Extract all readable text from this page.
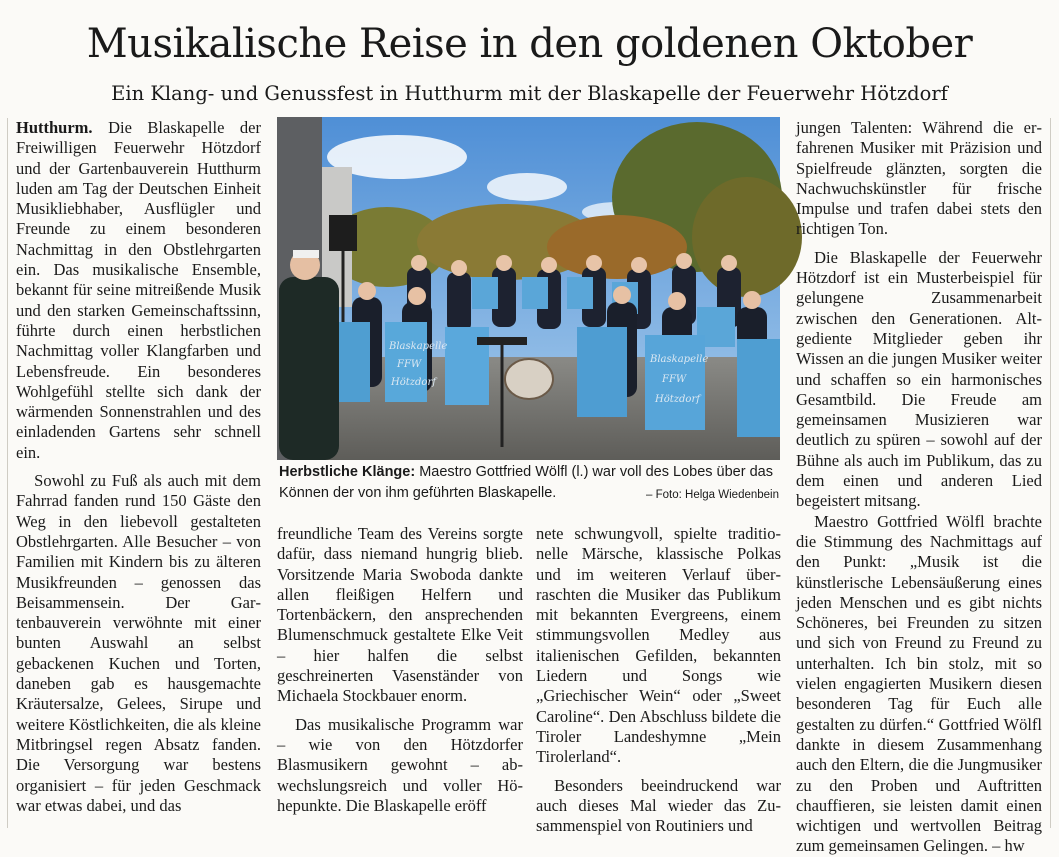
Musikalische Reise in den goldenen Oktober
Ein Klang- und Genussfest in Hutthurm mit der Blaskapelle der Feuerwehr Hötzdorf

Hutthurm. Die Blaskapelle der Freiwilligen Feuerwehr Hötzdorf und der Gartenbauverein Hutthurm luden am Tag der Deutschen Einheit Musikliebhaber, Ausflügler und Freunde zu einem besonderen Nachmittag in den Obstlehrgarten ein. Das musikalische Ensemble, bekannt für seine mitreißende Musik und den starken Gemeinschaftssinn, führte durch einen herbstlichen Nachmittag voller Klangfarben und Lebensfreude. Ein besonderes Wohlgefühl stellte sich dank der wärmenden Sonnenstrahlen und des einladenden Gartens sehr schnell ein.

Sowohl zu Fuß als auch mit dem Fahrrad fanden rund 150 Gäste den Weg in den liebevoll gestalteten Obstlehrgarten. Alle Besucher – von Familien mit Kindern bis zu älteren Musikfreunden – genossen das Beisammensein. Der Gartenbauverein verwöhnte mit einer bunten Auswahl an selbst gebackenen Kuchen und Torten, daneben gab es hausgemachte Kräutersalze, Gelees, Sirupe und weitere Köstlichkeiten, die als kleine Mitbringsel regen Absatz fanden. Die Versorgung war bestens organisiert – für jeden Geschmack war etwas dabei, und das

Blaskapelle
FFW
Hötzdorf
Blaskapelle
FFW
Hötzdorf
Herbstliche Klänge: Maestro Gottfried Wölfl (l.) war voll des Lobes über das Können der von ihm geführten Blaskapelle.	– Foto: Helga Wiedenbein

freundliche Team des Vereins sorgte dafür, dass niemand hungrig blieb. Vorsitzende Maria Swoboda dankte allen fleißigen Helfern und Tortenbäckern, den ansprechenden Blumenschmuck gestaltete Elke Veit – hier halfen die selbst geschreinerten Vasenständer von Michaela Stockbauer enorm.

Das musikalische Programm war – wie von den Hötzdorfer Blasmusikern gewohnt – abwechslungsreich und voller Höhepunkte. Die Blaskapelle eröff

nete schwungvoll, spielte traditionelle Märsche, klassische Polkas und im weiteren Verlauf überraschten die Musiker das Publikum mit bekannten Evergreens, einem stimmungsvollen Medley aus italienischen Gefilden, bekannten Liedern und Songs wie „Griechischer Wein“ oder „Sweet Caroline“. Den Abschluss bildete die Tiroler Landeshymne „Mein Tirolerland“.

Besonders beeindruckend war auch dieses Mal wieder das Zusammenspiel von Routiniers und

jungen Talenten: Während die erfahrenen Musiker mit Präzision und Spielfreude glänzten, sorgten die Nachwuchskünstler für frische Impulse und trafen dabei stets den richtigen Ton.

Die Blaskapelle der Feuerwehr Hötzdorf ist ein Musterbeispiel für gelungene Zusammenarbeit zwischen den Generationen. Altgediente Mitglieder geben ihr Wissen an die jungen Musiker weiter und schaffen so ein harmonisches Gesamtbild. Die Freude am gemeinsamen Musizieren war deutlich zu spüren – sowohl auf der Bühne als auch im Publikum, das zu dem einen und anderen Lied begeistert mitsang.

Maestro Gottfried Wölfl brachte die Stimmung des Nachmittags auf den Punkt: „Musik ist die künstlerische Lebensäußerung eines jeden Menschen und es gibt nichts Schöneres, bei Freunden zu sitzen und sich von Freund zu Freund zu unterhalten. Ich bin stolz, mit so vielen engagierten Musikern diesen besonderen Tag für Euch alle gestalten zu dürfen.“ Gottfried Wölfl dankte in diesem Zusammenhang auch den Eltern, die die Jungmusiker zu den Proben und Auftritten chauffieren, sie leisten damit einen wichtigen und wertvollen Beitrag zum gemeinsamen Gelingen. – hw
